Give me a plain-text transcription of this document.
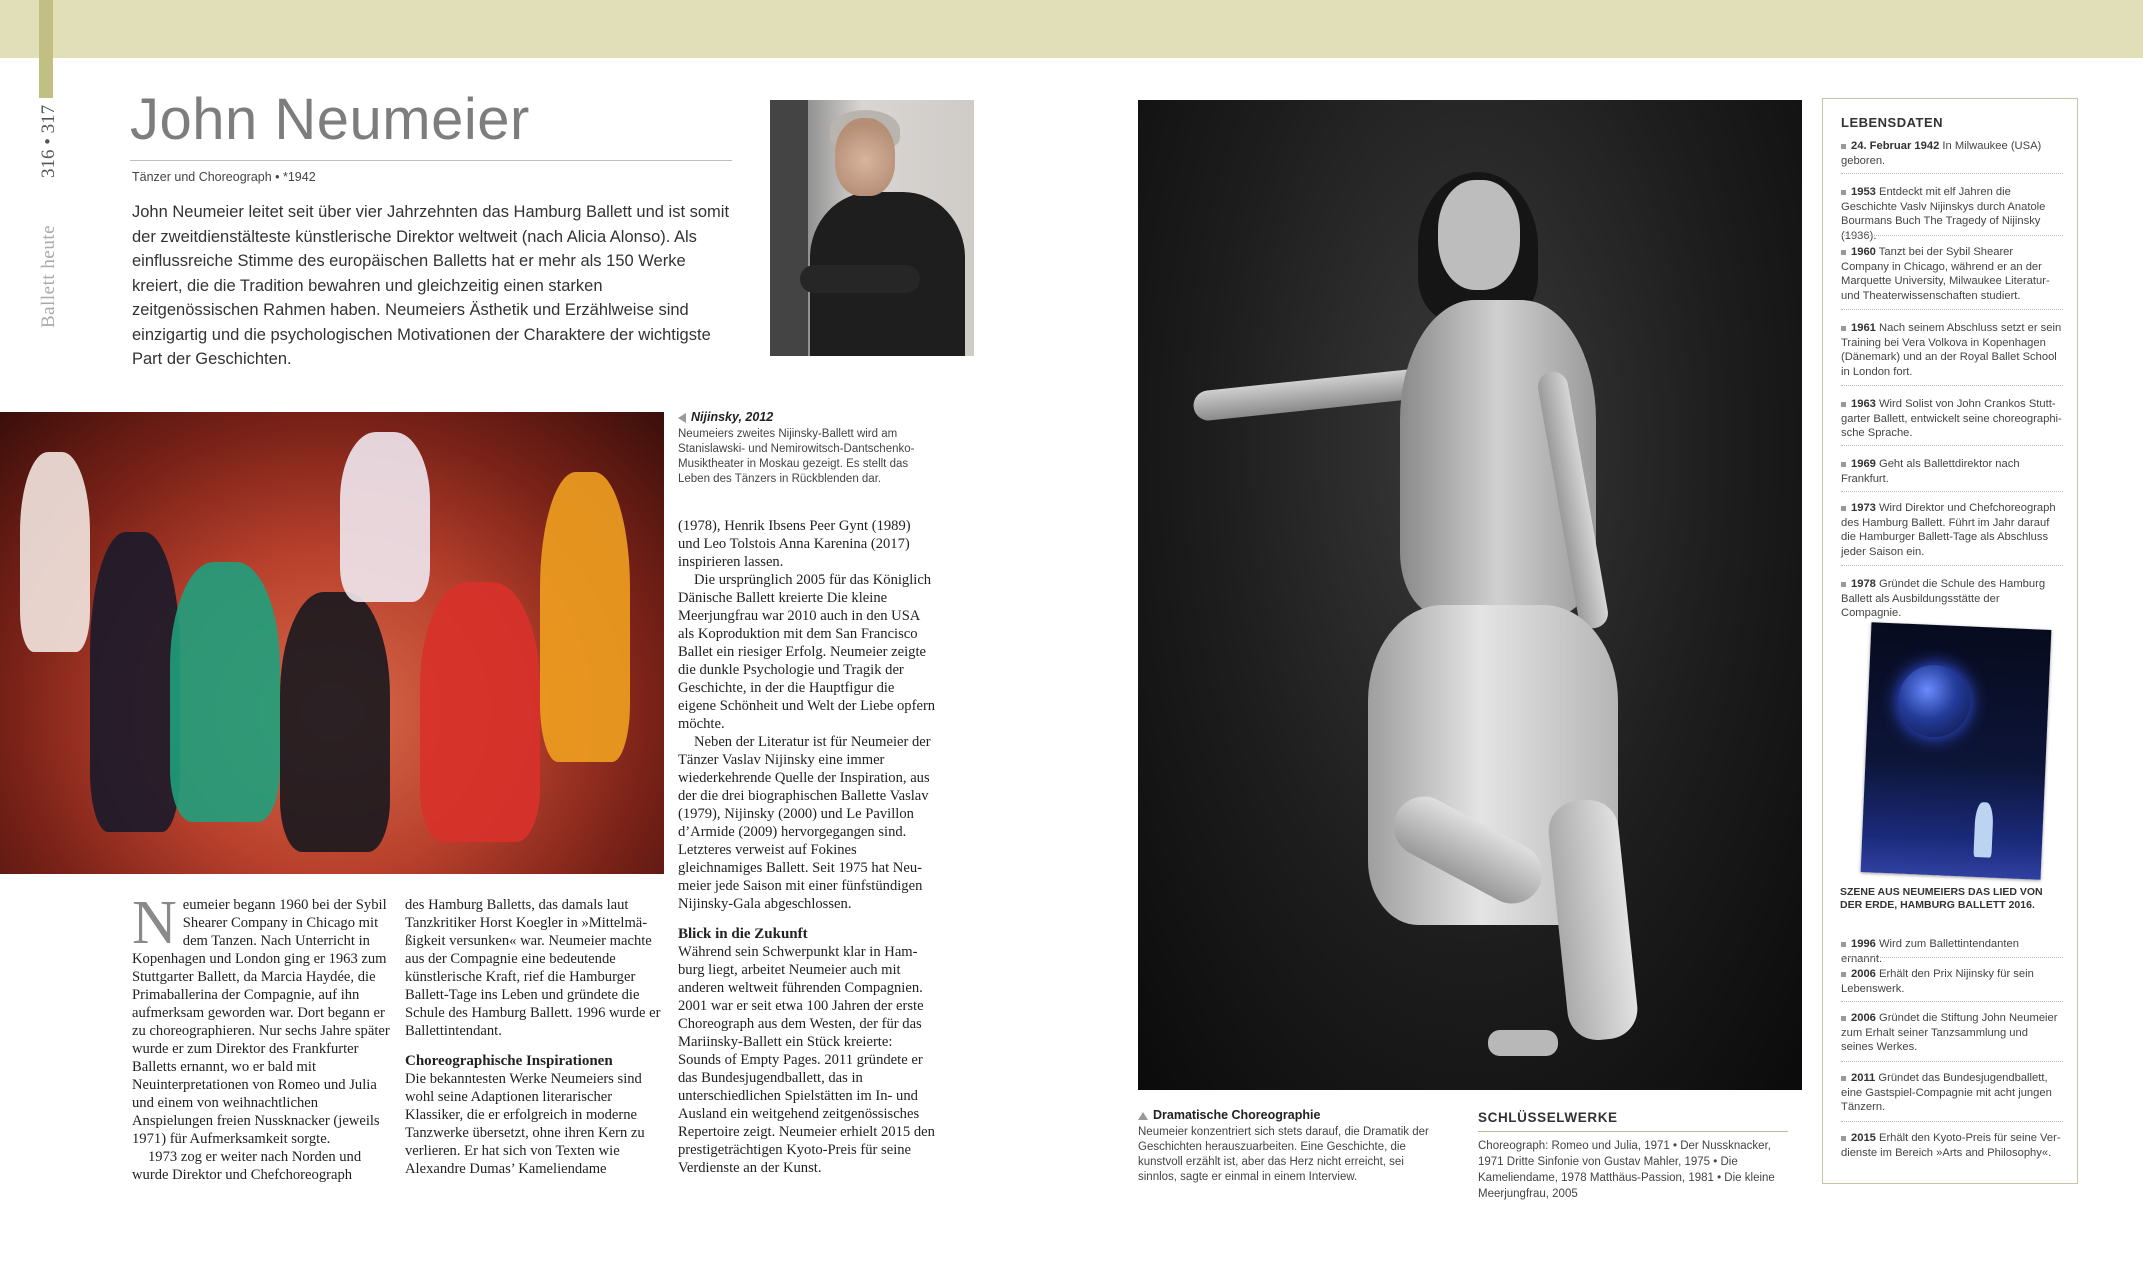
316 • 317
Ballett heute
John Neumeier
Tänzer und Choreograph • *1942

John Neumeier leitet seit über vier Jahrzehnten das Hamburg Ballett und ist somit der zweitdienstälteste künstlerische Direktor weltweit (nach Alicia Alonso). Als einflussreiche Stimme des europäischen Balletts hat er mehr als 150 Werke kreiert, die die Tradition bewahren und gleichzeitig einen starken zeitgenössischen Rahmen haben. Neumeiers Ästhetik und Erzählweise sind einzigartig und die psychologischen Motivationen der Charaktere der wichtigste Part der Geschichten.

Nijinsky, 2012
Neumeiers zweites Nijinsky-Ballett wird am Stanislawski- und Nemirowitsch-Dantschenko-Musiktheater in Moskau gezeigt. Es stellt das Leben des Tänzers in Rückblenden dar.
N eumeier begann 1960 bei der Sybil Shearer Company in Chicago mit dem Tanzen. Nach Unterricht in Kopenhagen und London ging er 1963 zum Stuttgarter Ballett, da Marcia Haydée, die Primaballerina der Compagnie, auf ihn aufmerksam geworden war. Dort begann er zu choreographieren. Nur sechs Jahre später wurde er zum Direktor des Frankfurter Balletts ernannt, wo er bald mit Neuinterpretationen von Romeo und Julia und einem von weihnachtlichen Anspielungen freien Nussknacker (jeweils 1971) für Aufmerksamkeit sorgte.

1973 zog er weiter nach Norden und wurde Direktor und Chefchoreograph

des Hamburg Balletts, das damals laut Tanzkritiker Horst Koegler in »Mittelmäßigkeit versunken« war. Neumeier machte aus der Compagnie eine bedeutende künstlerische Kraft, rief die Hamburger Ballett-Tage ins Leben und gründete die Schule des Hamburg Ballett. 1996 wurde er Ballettintendant.

Choreographische Inspirationen

Die bekanntesten Werke Neumeiers sind wohl seine Adaptionen literarischer Klassiker, die er erfolgreich in moderne Tanzwerke übersetzt, ohne ihren Kern zu verlieren. Er hat sich von Texten wie Alexandre Dumas’ Kameliendame

(1978), Henrik Ibsens Peer Gynt (1989) und Leo Tolstois Anna Karenina (2017) inspirieren lassen.

Die ursprünglich 2005 für das Königlich Dänische Ballett kreierte Die kleine Meerjungfrau war 2010 auch in den USA als Koproduktion mit dem San Francisco Ballet ein riesiger Erfolg. Neumeier zeigte die dunkle Psychologie und Tragik der Geschichte, in der die Hauptfigur die eigene Schönheit und Welt der Liebe opfern möchte.

Neben der Literatur ist für Neumeier der Tänzer Vaslav Nijinsky eine immer wiederkehrende Quelle der Inspiration, aus der die drei biographischen Ballette Vaslav (1979), Nijinsky (2000) und Le Pavillon d’Armide (2009) hervorgegangen sind. Letzteres verweist auf Fokines gleichnamiges Ballett. Seit 1975 hat Neumeier jede Saison mit einer fünfstündigen Nijinsky-Gala abgeschlossen.

Blick in die Zukunft

Während sein Schwerpunkt klar in Hamburg liegt, arbeitet Neumeier auch mit anderen weltweit führenden Compagnien. 2001 war er seit etwa 100 Jahren der erste Choreograph aus dem Westen, der für das Mariinsky-Ballett ein Stück kreierte: Sounds of Empty Pages. 2011 gründete er das Bundesjugendballett, das in unterschiedlichen Spielstätten im In- und Ausland ein weitgehend zeitgenössisches Repertoire zeigt. Neumeier erhielt 2015 den prestigeträchtigen Kyoto-Preis für seine Verdienste an der Kunst.

Dramatische Choreographie
Neumeier konzentriert sich stets darauf, die Dramatik der Geschichten herauszuarbeiten. Eine Geschichte, die kunstvoll erzählt ist, aber das Herz nicht erreicht, sei sinnlos, sagte er einmal in einem Interview.
SCHLÜSSELWERKE
Choreograph: Romeo und Julia, 1971 • Der Nussknacker, 1971 Dritte Sinfonie von Gustav Mahler, 1975 • Die Kameliendame, 1978 Matthäus-Passion, 1981 • Die kleine Meerjungfrau, 2005
LEBENSDATEN
24. Februar 1942 In Milwaukee (USA) geboren.
1953 Entdeckt mit elf Jahren die Geschichte Vaslv Nijinskys durch Anatole Bourmans Buch The Tragedy of Nijinsky (1936).
1960 Tanzt bei der Sybil Shearer Company in Chicago, während er an der Marquette University, Milwaukee Literatur- und Theaterwissenschaften studiert.
1961 Nach seinem Abschluss setzt er sein Training bei Vera Volkova in Kopenhagen (Dänemark) und an der Royal Ballet School in London fort.
1963 Wird Solist von John Crankos Stuttgarter Ballett, entwickelt seine choreographische Sprache.
1969 Geht als Ballettdirektor nach Frankfurt.
1973 Wird Direktor und Chefchoreograph des Hamburg Ballett. Führt im Jahr darauf die Hamburger Ballett-Tage als Abschluss jeder Saison ein.
1978 Gründet die Schule des Hamburg Ballett als Ausbildungsstätte der Compagnie.
1996 Wird zum Ballettintendanten ernannt.
2006 Erhält den Prix Nijinsky für sein Lebenswerk.
2006 Gründet die Stiftung John Neumeier zum Erhalt seiner Tanzsammlung und seines Werkes.
2011 Gründet das Bundesjugendballett, eine Gastspiel-Compagnie mit acht jungen Tänzern.
2015 Erhält den Kyoto-Preis für seine Verdienste im Bereich »Arts and Philosophy«.
SZENE AUS NEUMEIERS DAS LIED VON DER ERDE, HAMBURG BALLETT 2016.
